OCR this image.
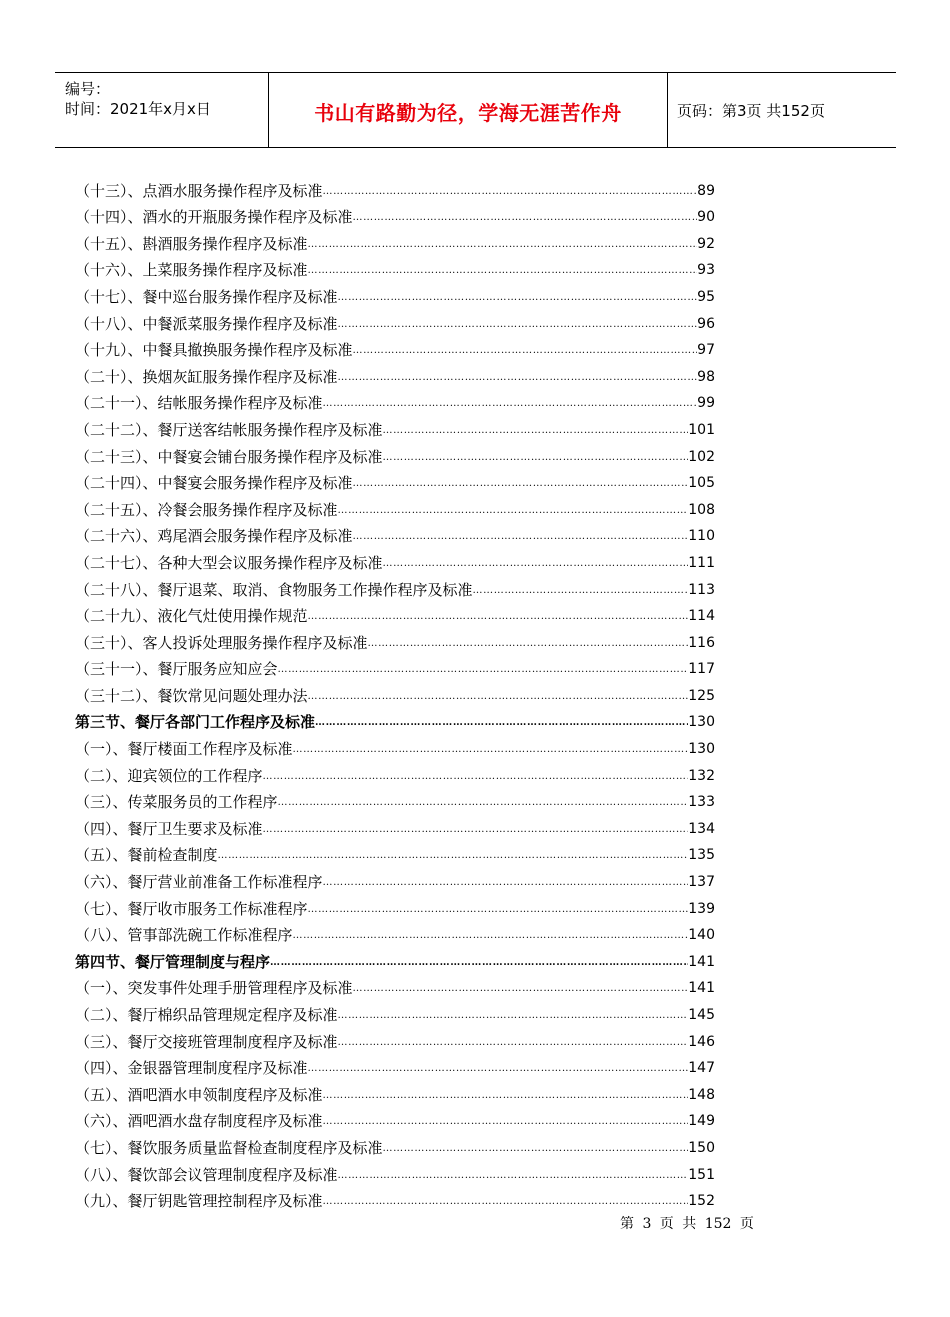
编号：
时间：2021年x月x日	书山有路勤为径，学海无涯苦作舟	页码：第3页 共152页
（十三）、点酒水服务操作程序及标准 …………………………………………………………………………………………………………………………………………………………………………	89
（十四）、酒水的开瓶服务操作程序及标准 …………………………………………………………………………………………………………………………………………………………………………	90
（十五）、斟酒服务操作程序及标准 …………………………………………………………………………………………………………………………………………………………………………	92
（十六）、上菜服务操作程序及标准 …………………………………………………………………………………………………………………………………………………………………………	93
（十七）、餐中巡台服务操作程序及标准 …………………………………………………………………………………………………………………………………………………………………………	95
（十八）、中餐派菜服务操作程序及标准 …………………………………………………………………………………………………………………………………………………………………………	96
（十九）、中餐具撤换服务操作程序及标准 …………………………………………………………………………………………………………………………………………………………………………	97
（二十）、换烟灰缸服务操作程序及标准 …………………………………………………………………………………………………………………………………………………………………………	98
（二十一）、结帐服务操作程序及标准 …………………………………………………………………………………………………………………………………………………………………………	99
（二十二）、餐厅送客结帐服务操作程序及标准 …………………………………………………………………………………………………………………………………………………………………………	101
（二十三）、中餐宴会铺台服务操作程序及标准 …………………………………………………………………………………………………………………………………………………………………………	102
（二十四）、中餐宴会服务操作程序及标准 …………………………………………………………………………………………………………………………………………………………………………	105
（二十五）、冷餐会服务操作程序及标准 …………………………………………………………………………………………………………………………………………………………………………	108
（二十六）、鸡尾酒会服务操作程序及标准 …………………………………………………………………………………………………………………………………………………………………………	110
（二十七）、各种大型会议服务操作程序及标准 …………………………………………………………………………………………………………………………………………………………………………	111
（二十八）、餐厅退菜、取消、食物服务工作操作程序及标准 …………………………………………………………………………………………………………………………………………………………………………	113
（二十九）、液化气灶使用操作规范 …………………………………………………………………………………………………………………………………………………………………………	114
（三十）、客人投诉处理服务操作程序及标准 …………………………………………………………………………………………………………………………………………………………………………	116
（三十一）、餐厅服务应知应会 …………………………………………………………………………………………………………………………………………………………………………	117
（三十二）、餐饮常见问题处理办法 …………………………………………………………………………………………………………………………………………………………………………	125
第三节、餐厅各部门工作程序及标准 …………………………………………………………………………………………………………………………………………………………………………	130
（一）、餐厅楼面工作程序及标准 …………………………………………………………………………………………………………………………………………………………………………	130
（二）、迎宾领位的工作程序 …………………………………………………………………………………………………………………………………………………………………………	132
（三）、传菜服务员的工作程序 …………………………………………………………………………………………………………………………………………………………………………	133
（四）、餐厅卫生要求及标准 …………………………………………………………………………………………………………………………………………………………………………	134
（五）、餐前检查制度 …………………………………………………………………………………………………………………………………………………………………………	135
（六）、餐厅营业前准备工作标准程序 …………………………………………………………………………………………………………………………………………………………………………	137
（七）、餐厅收市服务工作标准程序 …………………………………………………………………………………………………………………………………………………………………………	139
（八）、管事部洗碗工作标准程序 …………………………………………………………………………………………………………………………………………………………………………	140
第四节、餐厅管理制度与程序 …………………………………………………………………………………………………………………………………………………………………………	141
（一）、突发事件处理手册管理程序及标准 …………………………………………………………………………………………………………………………………………………………………………	141
（二）、餐厅棉织品管理规定程序及标准 …………………………………………………………………………………………………………………………………………………………………………	145
（三）、餐厅交接班管理制度程序及标准 …………………………………………………………………………………………………………………………………………………………………………	146
（四）、金银器管理制度程序及标准 …………………………………………………………………………………………………………………………………………………………………………	147
（五）、酒吧酒水申领制度程序及标准 …………………………………………………………………………………………………………………………………………………………………………	148
（六）、酒吧酒水盘存制度程序及标准 …………………………………………………………………………………………………………………………………………………………………………	149
（七）、餐饮服务质量监督检查制度程序及标准 …………………………………………………………………………………………………………………………………………………………………………	150
（八）、餐饮部会议管理制度程序及标准 …………………………………………………………………………………………………………………………………………………………………………	151
（九）、餐厅钥匙管理控制程序及标准 …………………………………………………………………………………………………………………………………………………………………………	152
第 3 页 共 152 页
